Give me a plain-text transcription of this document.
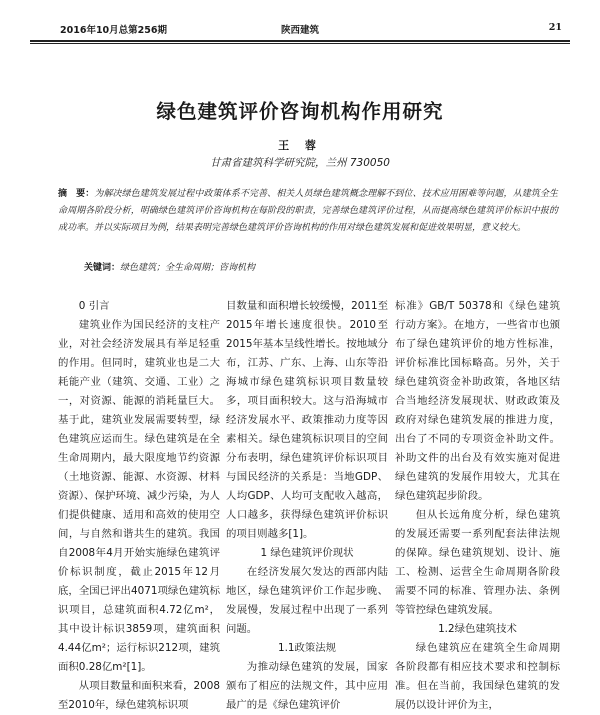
2016年10月总第256期	陕西建筑	21
绿色建筑评价咨询机构作用研究
王 蓉
甘肃省建筑科学研究院，兰州 730050
摘　要：为解决绿色建筑发展过程中政策体系不完善、相关人员绿色建筑概念理解不到位、技术应用困难等问题，从建筑全生命周期各阶段分析，明确绿色建筑评价咨询机构在每阶段的职责，完善绿色建筑评价过程，从而提高绿色建筑评价标识中报的成功率。并以实际项目为例，结果表明完善绿色建筑评价咨询机构的作用对绿色建筑发展和促进效果明显，意义较大。
关键词：绿色建筑；全生命周期；咨询机构

0 引言

建筑业作为国民经济的支柱产业，对社会经济发展具有举足轻重的作用。但同时，建筑业也是二大耗能产业（建筑、交通、工业）之一，对资源、能源的消耗量巨大。基于此，建筑业发展需要转型，绿色建筑应运而生。绿色建筑是在全生命周期内，最大限度地节约资源（土地资源、能源、水资源、材料资源）、保护环境、减少污染，为人们提供健康、适用和高效的使用空间，与自然和谐共生的建筑。我国自2008年4月开始实施绿色建筑评价标识制度，截止2015年12月底，全国已评出4071项绿色建筑标识项目，总建筑面积4.72亿m²，其中设计标识3859项，建筑面积4.44亿m²；运行标识212项，建筑面积0.28亿m²[1]。

从项目数量和面积来看，2008至2010年，绿色建筑标识项

目数量和面积增长较缓慢，2011至2015年增长速度很快。2010至2015年基本呈线性增长。按地域分布，江苏、广东、上海、山东等沿海城市绿色建筑标识项目数量较多，项目面积较大。这与沿海城市经济发展水平、政策推动力度等因素相关。绿色建筑标识项目的空间分布表明，绿色建筑评价标识项目与国民经济的关系是：当地GDP、人均GDP、人均可支配收入越高，人口越多，获得绿色建筑评价标识的项目则越多[1]。

1 绿色建筑评价现状

在经济发展欠发达的西部内陆地区，绿色建筑评价工作起步晚、发展慢，发展过程中出现了一系列问题。

1.1政策法规

为推动绿色建筑的发展，国家颁布了相应的法规文件，其中应用最广的是《绿色建筑评价

标准》GB/T 50378和《绿色建筑行动方案》。在地方，一些省市也颁布了绿色建筑评价的地方性标准，评价标准比国标略高。另外，关于绿色建筑资金补助政策，各地区结合当地经济发展现状、财政政策及政府对绿色建筑发展的推进力度，出台了不同的专项资金补助文件。补助文件的出台及有效实施对促进绿色建筑的发展作用较大，尤其在绿色建筑起步阶段。

但从长远角度分析，绿色建筑的发展还需要一系列配套法律法规的保障。绿色建筑规划、设计、施工、检测、运营全生命周期各阶段需要不同的标准、管理办法、条例等管控绿色建筑发展。

1.2绿色建筑技术

绿色建筑应在建筑全生命周期各阶段都有相应技术要求和控制标准。但在当前，我国绿色建筑的发展仍以设计评价为主，
